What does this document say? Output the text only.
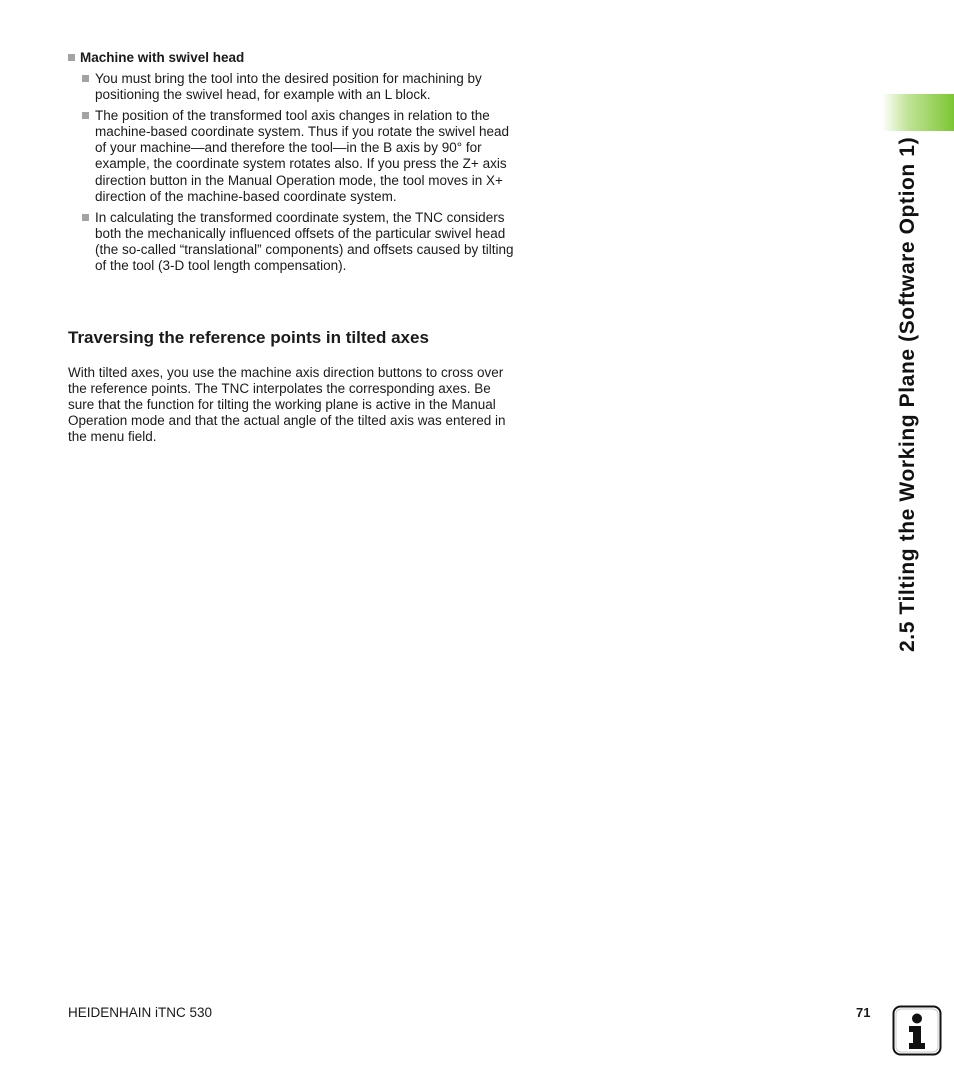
Machine with swivel head
You must bring the tool into the desired position for machining by positioning the swivel head, for example with an L block.
The position of the transformed tool axis changes in relation to the machine-based coordinate system. Thus if you rotate the swivel head of your machine—and therefore the tool—in the B axis by 90° for example, the coordinate system rotates also. If you press the Z+ axis direction button in the Manual Operation mode, the tool moves in X+ direction of the machine-based coordinate system.
In calculating the transformed coordinate system, the TNC considers both the mechanically influenced offsets of the particular swivel head (the so-called “translational” components) and offsets caused by tilting of the tool (3-D tool length compensation).
Traversing the reference points in tilted axes

With tilted axes, you use the machine axis direction buttons to cross over the reference points. The TNC interpolates the corresponding axes. Be sure that the function for tilting the working plane is active in the Manual Operation mode and that the actual angle of the tilted axis was entered in the menu field.	2.5 Tilting the Working Plane (Software Option 1)
HEIDENHAIN iTNC 530	71
